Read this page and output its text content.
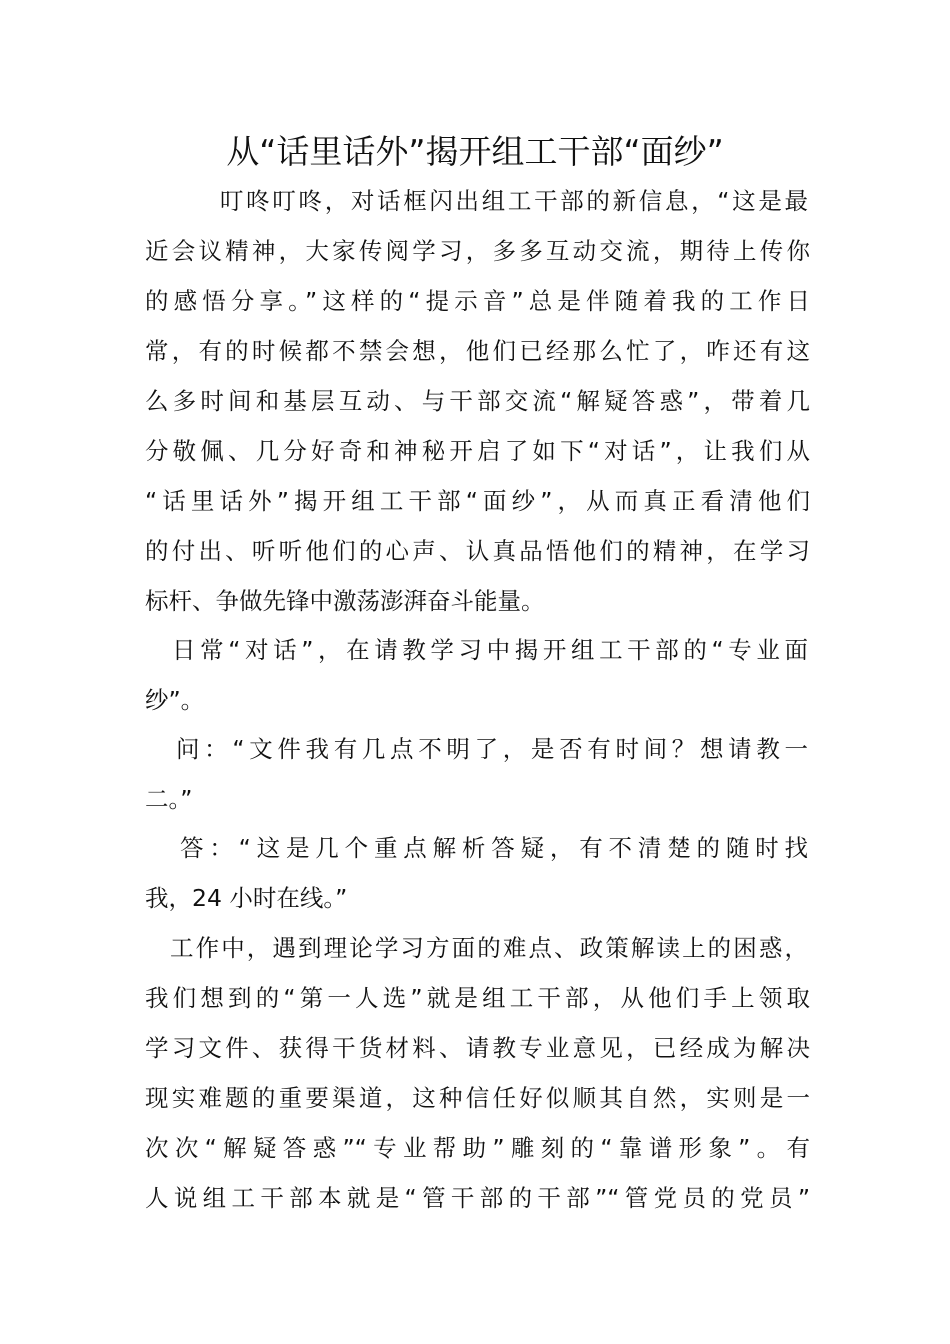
从“话里话外”揭开组工干部“面纱”

叮咚叮咚，对话框闪出组工干部的新信息，“这是最

近会议精神，大家传阅学习，多多互动交流，期待上传你

的感悟分享。”这样的“提示音”总是伴随着我的工作日

常，有的时候都不禁会想，他们已经那么忙了，咋还有这

么多时间和基层互动、与干部交流“解疑答惑”，带着几

分敬佩、几分好奇和神秘开启了如下“对话”，让我们从

“话里话外”揭开组工干部“面纱”，从而真正看清他们

的付出、听听他们的心声、认真品悟他们的精神，在学习

标杆、争做先锋中激荡澎湃奋斗能量。

日常“对话”，在请教学习中揭开组工干部的“专业面

纱”。

问：“文件我有几点不明了，是否有时间？想请教一

二。”

答：“这是几个重点解析答疑，有不清楚的随时找

我，24 小时在线。”

工作中，遇到理论学习方面的难点、政策解读上的困惑，

我们想到的“第一人选”就是组工干部，从他们手上领取

学习文件、获得干货材料、请教专业意见，已经成为解决

现实难题的重要渠道，这种信任好似顺其自然，实则是一

次次“解疑答惑”“专业帮助”雕刻的“靠谱形象”。有

人说组工干部本就是“管干部的干部”“管党员的党员”
